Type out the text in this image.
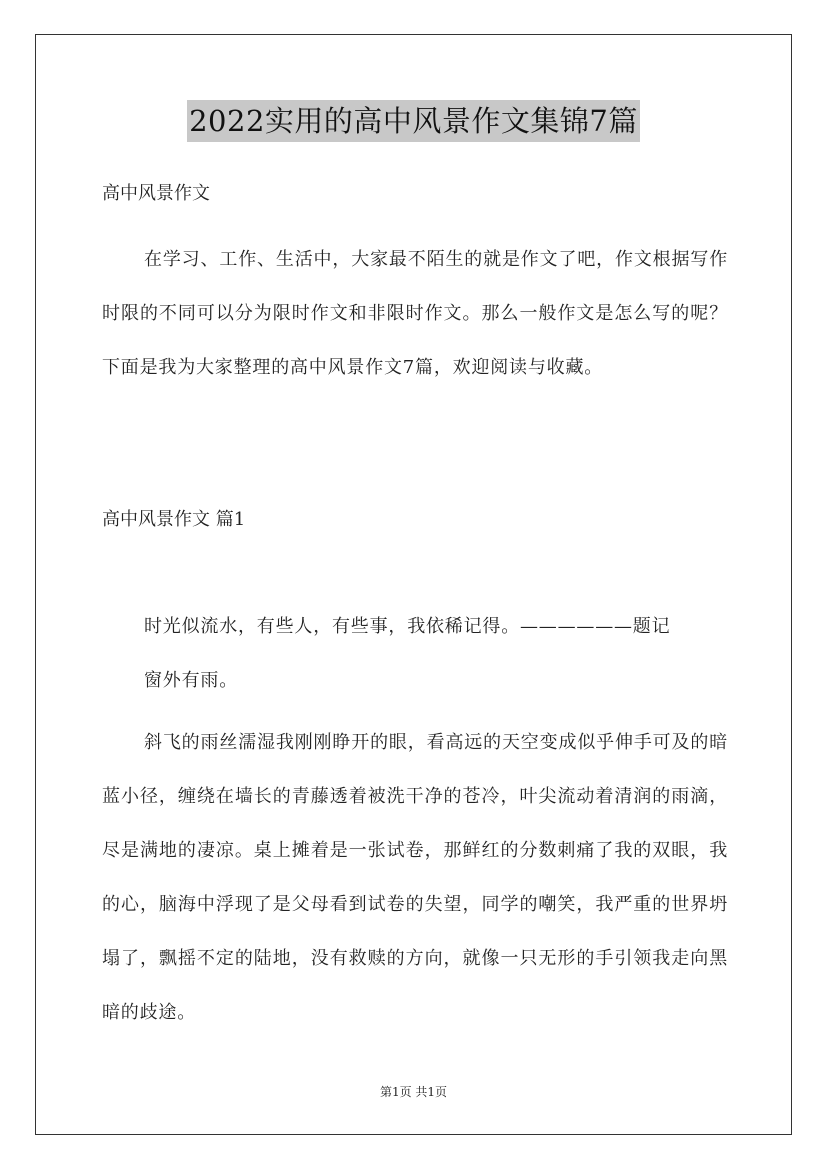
2022实用的高中风景作文集锦7篇
高中风景作文
在学习、工作、生活中，大家最不陌生的就是作文了吧，作文根据写作时限的不同可以分为限时作文和非限时作文。那么一般作文是怎么写的呢？下面是我为大家整理的高中风景作文7篇，欢迎阅读与收藏。
高中风景作文 篇1
时光似流水，有些人，有些事，我依稀记得。——————题记
窗外有雨。
斜飞的雨丝濡湿我刚刚睁开的眼，看高远的天空变成似乎伸手可及的暗蓝小径，缠绕在墙长的青藤透着被洗干净的苍冷，叶尖流动着清润的雨滴，尽是满地的凄凉。桌上摊着是一张试卷，那鲜红的分数刺痛了我的双眼，我的心，脑海中浮现了是父母看到试卷的失望，同学的嘲笑，我严重的世界坍塌了，飘摇不定的陆地，没有救赎的方向，就像一只无形的手引领我走向黑暗的歧途。
第1页 共1页
